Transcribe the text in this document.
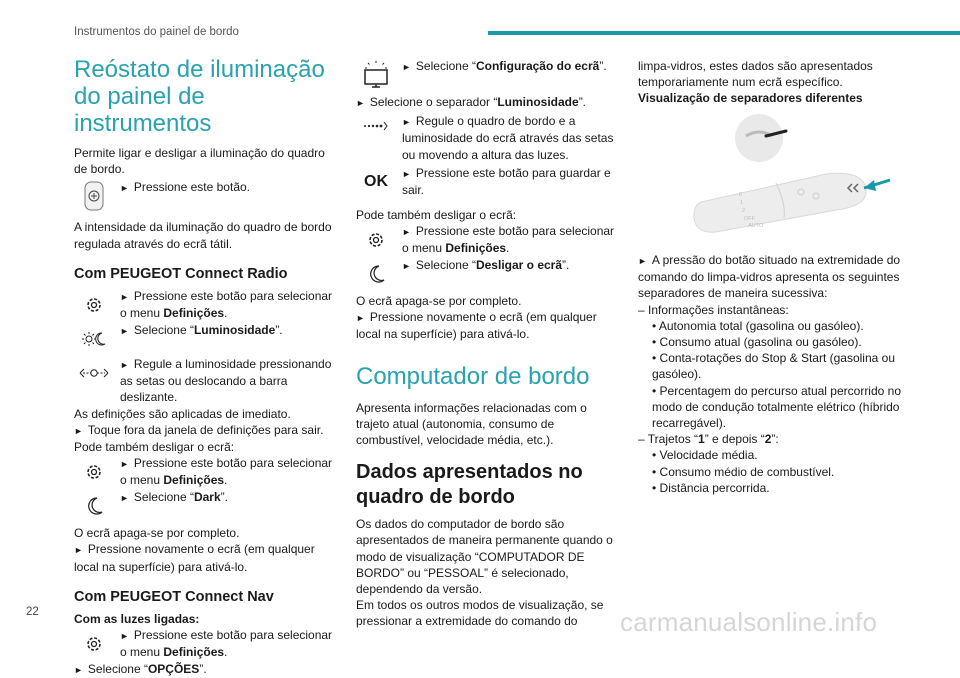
Instrumentos do painel de bordo
Reóstato de iluminação do painel de instrumentos

Permite ligar e desligar a iluminação do quadro de bordo.

► Pressione este botão.

A intensidade da iluminação do quadro de bordo regulada através do ecrã tátil.

Com PEUGEOT Connect Radio

► Pressione este botão para selecionar o menu Definições.

► Selecione “Luminosidade”.

► Regule a luminosidade pressionando as setas ou deslocando a barra deslizante.

As definições são aplicadas de imediato.

► Toque fora da janela de definições para sair.

Pode também desligar o ecrã:

► Pressione este botão para selecionar o menu Definições.

► Selecione “Dark”.

O ecrã apaga-se por completo.

► Pressione novamente o ecrã (em qualquer local na superfície) para ativá-lo.

Com PEUGEOT Connect Nav

Com as luzes ligadas:

► Pressione este botão para selecionar o menu Definições.

► Selecione “OPÇÕES”.

► Selecione “Configuração do ecrã”.

► Selecione o separador “Luminosidade”.

► Regule o quadro de bordo e a luminosidade do ecrã através das setas ou movendo a altura das luzes.

OK ► Pressione este botão para guardar e sair.

Pode também desligar o ecrã:

► Pressione este botão para selecionar o menu Definições.

► Selecione “Desligar o ecrã”.

O ecrã apaga-se por completo.

► Pressione novamente o ecrã (em qualquer local na superfície) para ativá-lo.

Computador de bordo

Apresenta informações relacionadas com o trajeto atual (autonomia, consumo de combustível, velocidade média, etc.).

Dados apresentados no quadro de bordo

Os dados do computador de bordo são apresentados de maneira permanente quando o modo de visualização “COMPUTADOR DE BORDO” ou “PESSOAL” é selecionado, dependendo da versão.

Em todos os outros modos de visualização, se pressionar a extremidade do comando do

limpa-vidros, estes dados são apresentados temporariamente num ecrã específico.

Visualização de separadores diferentes

0
1
2
OFF
AUTO

► A pressão do botão situado na extremidade do comando do limpa-vidros apresenta os seguintes separadores de maneira sucessiva:

– Informações instantâneas:

• Autonomia total (gasolina ou gasóleo).

• Consumo atual (gasolina ou gasóleo).

• Conta-rotações do Stop & Start (gasolina ou gasóleo).

• Percentagem do percurso atual percorrido no modo de condução totalmente elétrico (híbrido recarregável).

– Trajetos “1” e depois “2”:

• Velocidade média.

• Consumo médio de combustível.

• Distância percorrida.

22	carmanualsonline.info
